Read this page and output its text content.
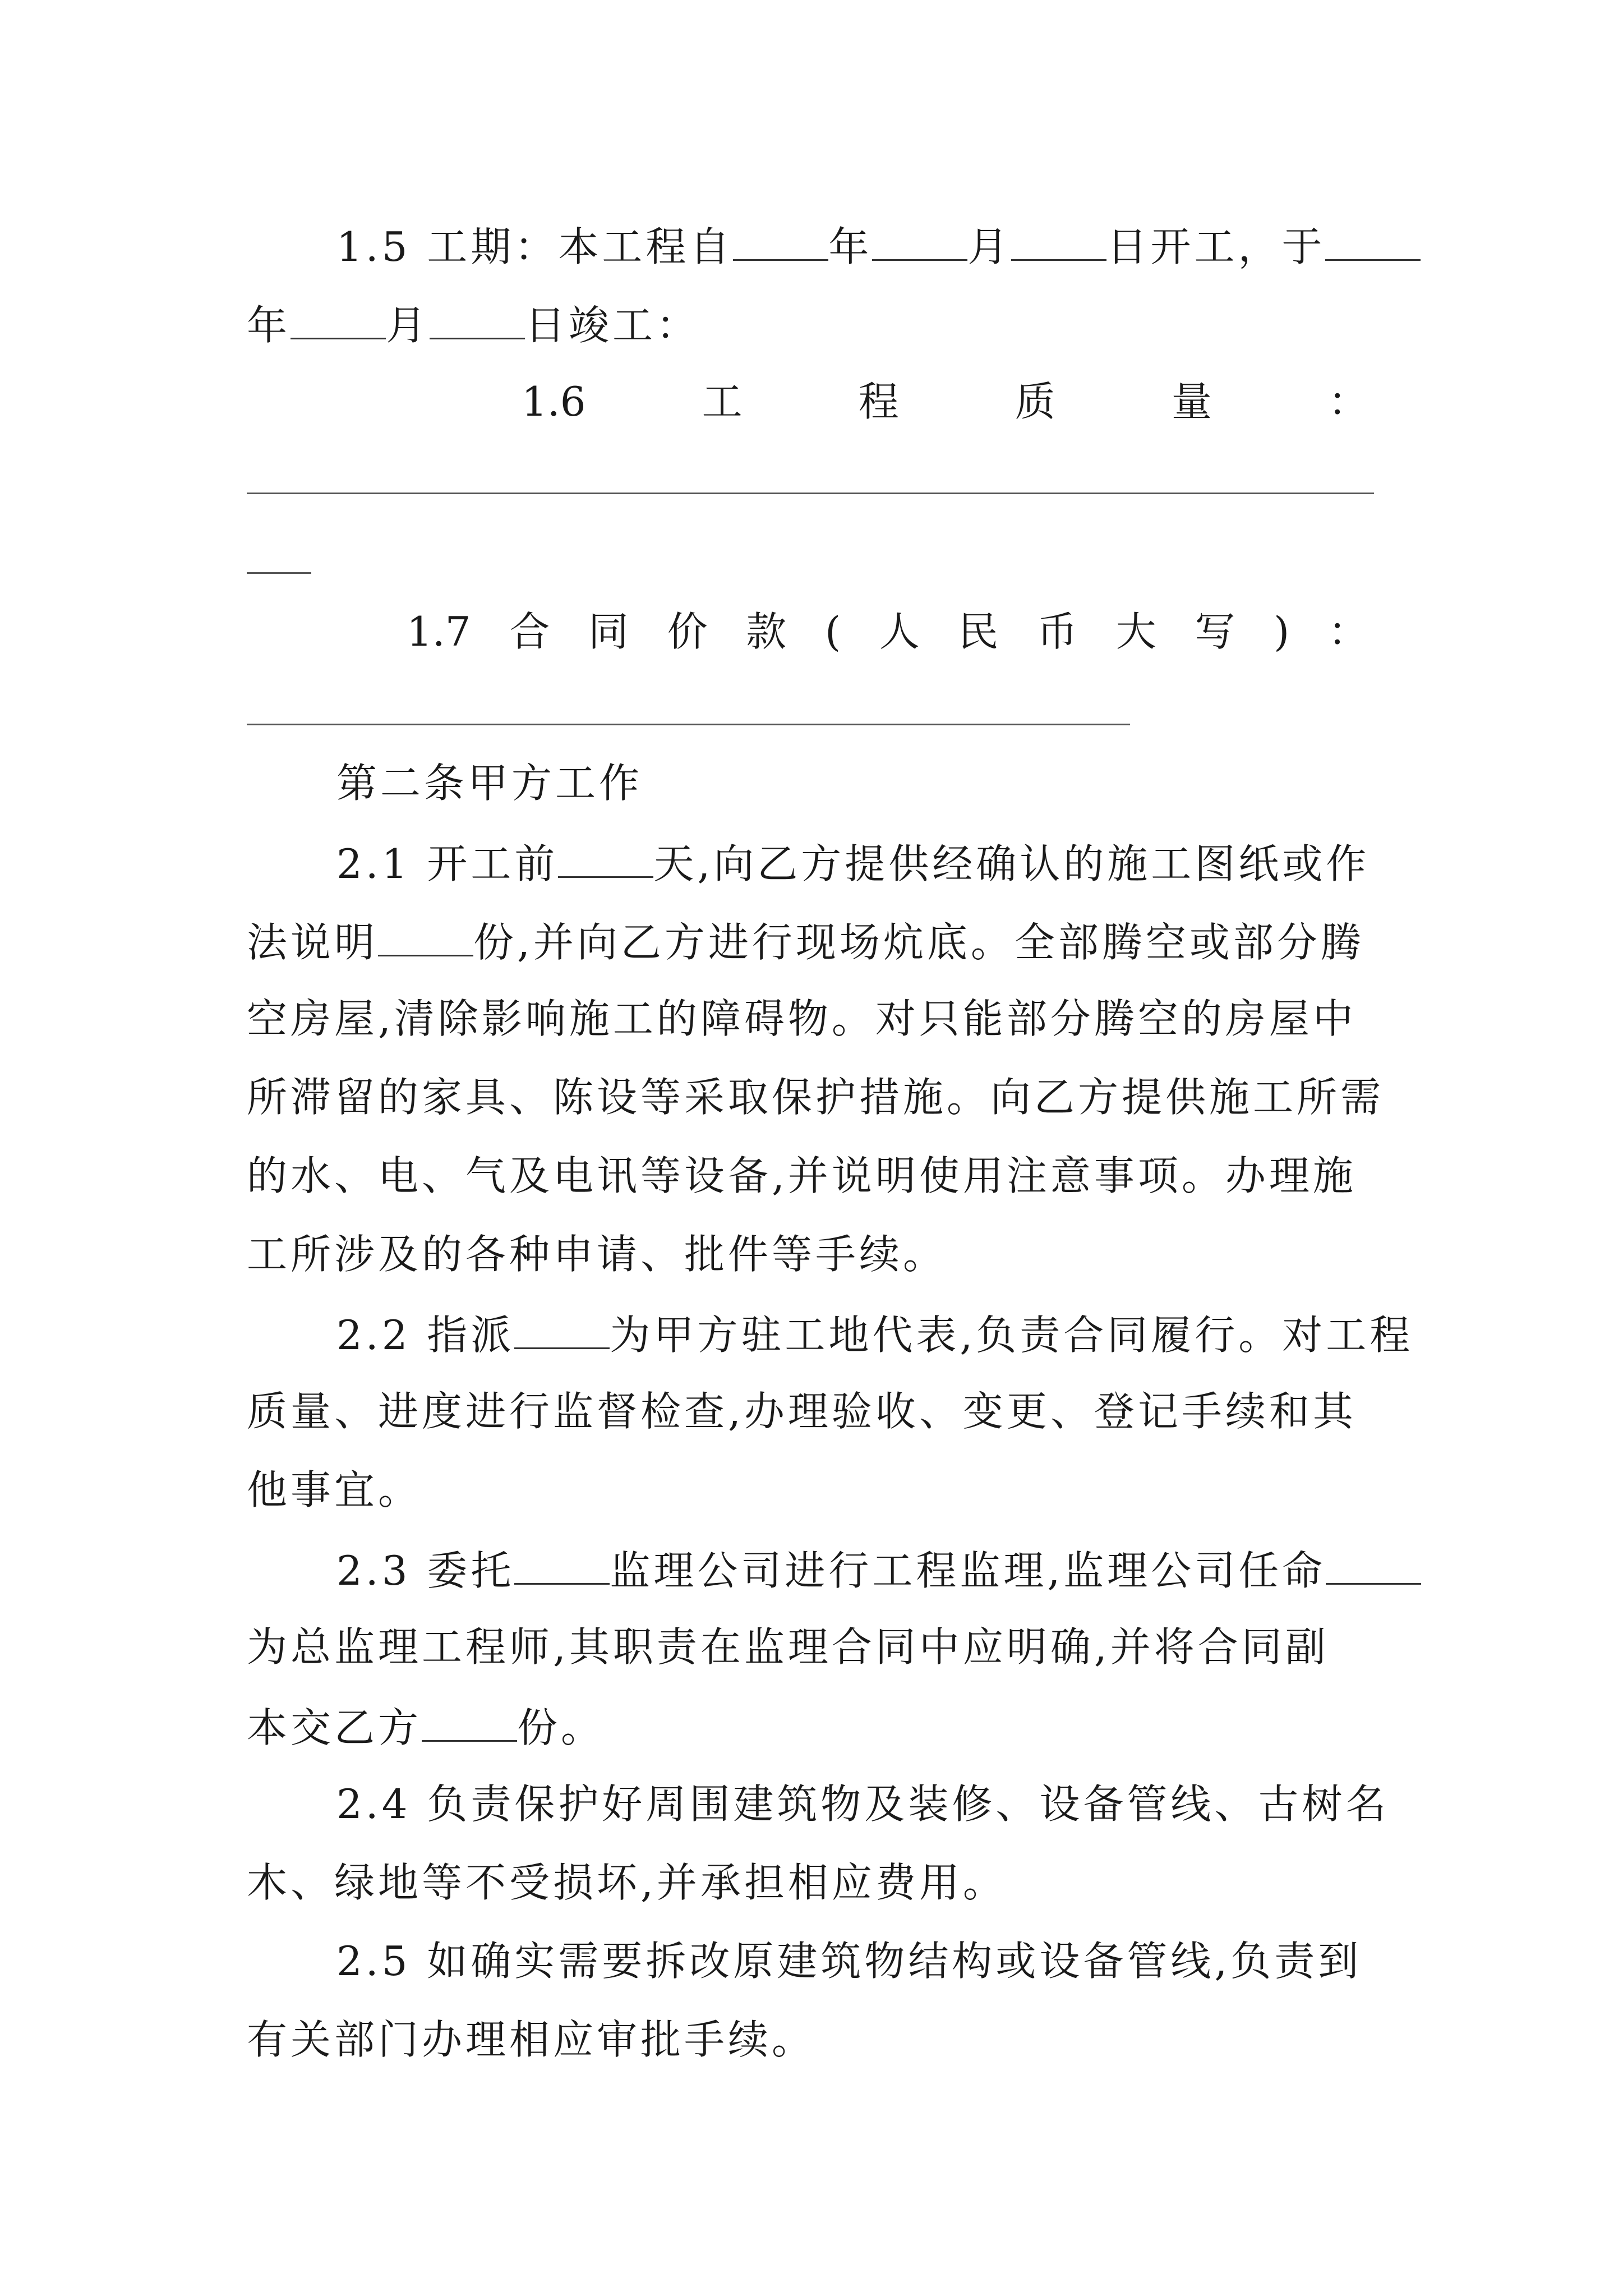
1.5 工期：本工程自 年 月 日开工，于
年 月 日竣工：
1.6	工	程	质	量	：
1.7 合 同 价 款 ( 人 民 币 大 写 ) ：
第二条甲方工作
2.1 开工前 天,向乙方提供经确认的施工图纸或作
法说明 份,并向乙方进行现场炕底。全部腾空或部分腾
空房屋,清除影响施工的障碍物。对只能部分腾空的房屋中
所滞留的家具、陈设等采取保护措施。向乙方提供施工所需
的水、电、气及电讯等设备,并说明使用注意事项。办理施
工所涉及的各种申请、批件等手续。
2.2 指派 为甲方驻工地代表,负责合同履行。对工程
质量、进度进行监督检查,办理验收、变更、登记手续和其
他事宜。
2.3 委托 监理公司进行工程监理,监理公司任命
为总监理工程师,其职责在监理合同中应明确,并将合同副
本交乙方 份。
2.4 负责保护好周围建筑物及装修、设备管线、古树名
木、绿地等不受损坏,并承担相应费用。
2.5 如确实需要拆改原建筑物结构或设备管线,负责到
有关部门办理相应审批手续。
